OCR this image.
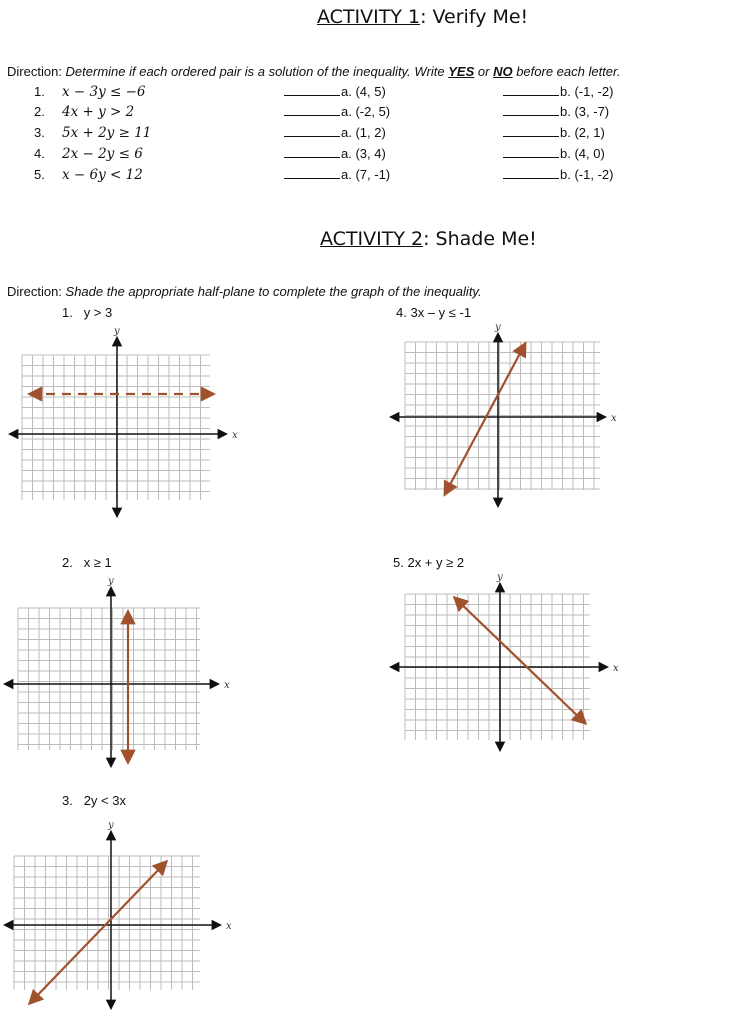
ACTIVITY 1: Verify Me!
Direction: Determine if each ordered pair is a solution of the inequality. Write YES or NO before each letter.
1. x − 3y ≤ −6	a. (4, 5)	b. (-1, -2)
2. 4x + y > 2	a. (-2, 5)	b. (3, -7)
3. 5x + 2y ≥ 11	a. (1, 2)	b. (2, 1)
4. 2x − 2y ≤ 6	a. (3, 4)	b. (4, 0)
5. x − 6y < 12	a. (7, -1)	b. (-1, -2)
ACTIVITY 2: Shade Me!
Direction: Shade the appropriate half-plane to complete the graph of the inequality.
1. y > 3
2. x ≥ 1
3. 2y < 3x
4. 3x – y ≤ -1
5. 2x + y ≥ 2
x
y
x
y
x
y
x
y
x
y
